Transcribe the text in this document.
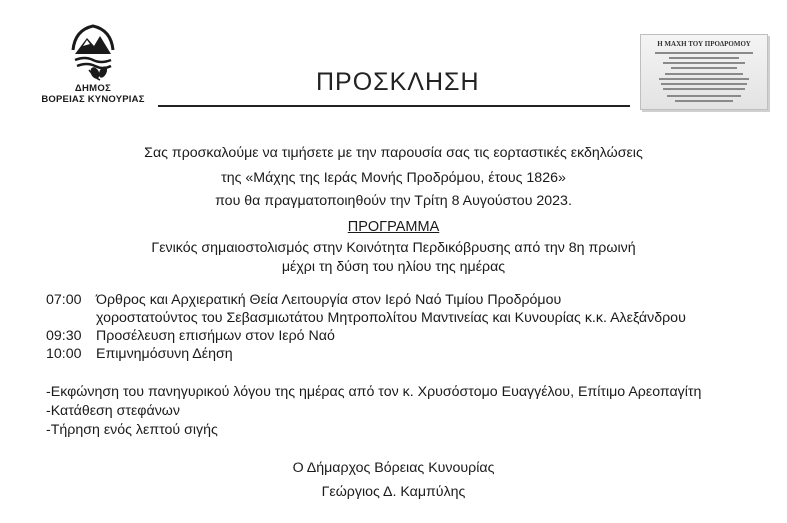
ΔΗΜΟΣ
ΒΟΡΕΙΑΣ ΚΥΝΟΥΡΙΑΣ
ΠΡΟΣΚΛΗΣΗ
Η ΜΑΧΗ ΤΟΥ ΠΡΟΔΡΟΜΟΥ
Σας προσκαλούμε να τιμήσετε με την παρουσία σας τις εορταστικές εκδηλώσεις
της «Μάχης της Ιεράς Μονής Προδρόμου, έτους 1826»
που θα πραγματοποιηθούν την Τρίτη 8 Αυγούστου 2023.
ΠΡΟΓΡΑΜΜΑ
Γενικός σημαιοστολισμός στην Κοινότητα Περδικόβρυσης από την 8η πρωινή
μέχρι τη δύση του ηλίου της ημέρας
07:00 Όρθρος και Αρχιερατική Θεία Λειτουργία στον Ιερό Ναό Τιμίου Προδρόμου
χοροστατούντος του Σεβασμιωτάτου Μητροπολίτου Μαντινείας και Κυνουρίας κ.κ. Αλεξάνδρου
09:30 Προσέλευση επισήμων στον Ιερό Ναό
10:00 Επιμνημόσυνη Δέηση
-Εκφώνηση του πανηγυρικού λόγου της ημέρας από τον κ. Χρυσόστομο Ευαγγέλου, Επίτιμο Αρεοπαγίτη
-Κατάθεση στεφάνων
-Τήρηση ενός λεπτού σιγής
Ο Δήμαρχος Βόρειας Κυνουρίας
Γεώργιος Δ. Καμπύλης
